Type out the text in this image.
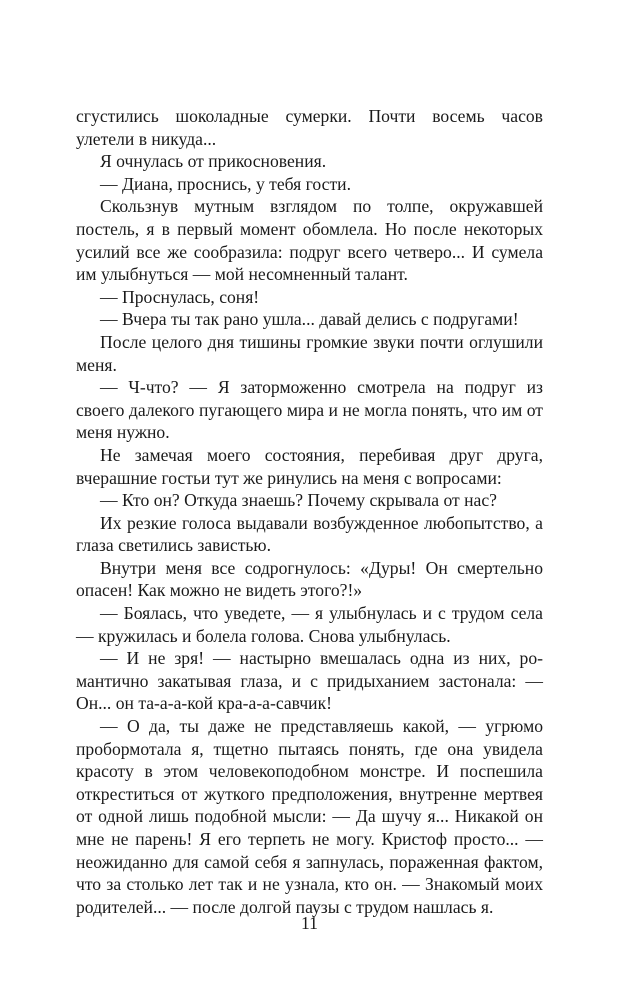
сгустились шоколадные сумерки. Почти восемь часов улетели в никуда...

Я очнулась от прикосновения.

— Диана, проснись, у тебя гости.

Скользнув мутным взглядом по толпе, окружавшей постель, я в первый момент обомлела. Но после некоторых усилий все же сообразила: подруг всего четверо... И сумела им улыбнуться — мой несомненный талант.

— Проснулась, соня!

— Вчера ты так рано ушла... давай делись с подругами!

После целого дня тишины громкие звуки почти оглушили меня.

— Ч-что? — Я заторможенно смотрела на подруг из своего далекого пугающего мира и не могла понять, что им от меня нужно.

Не замечая моего состояния, перебивая друг друга, вчерашние гостьи тут же ринулись на меня с вопросами:

— Кто он? Откуда знаешь? Почему скрывала от нас?

Их резкие голоса выдавали возбужденное любопытство, а глаза светились завистью.

Внутри меня все содрогнулось: «Дуры! Он смертельно опасен! Как можно не видеть этого?!»

— Боялась, что уведете, — я улыбнулась и с трудом села — кружилась и болела голова. Снова улыбнулась.

— И не зря! — настырно вмешалась одна из них, романтично закатывая глаза, и с придыханием застонала: — Он... он та-а-а-кой кра-а-а-савчик!

— О да, ты даже не представляешь какой, — угрюмо пробормотала я, тщетно пытаясь понять, где она увидела красоту в этом человекоподобном монстре. И поспешила откреститься от жуткого предположения, внутренне мертвея от одной лишь подобной мысли: — Да шучу я... Никакой он мне не парень! Я его терпеть не могу. Кристоф просто... — неожиданно для самой себя я запнулась, пораженная фактом, что за столько лет так и не узнала, кто он. — Знакомый моих родителей... — после долгой паузы с трудом нашлась я.

11
